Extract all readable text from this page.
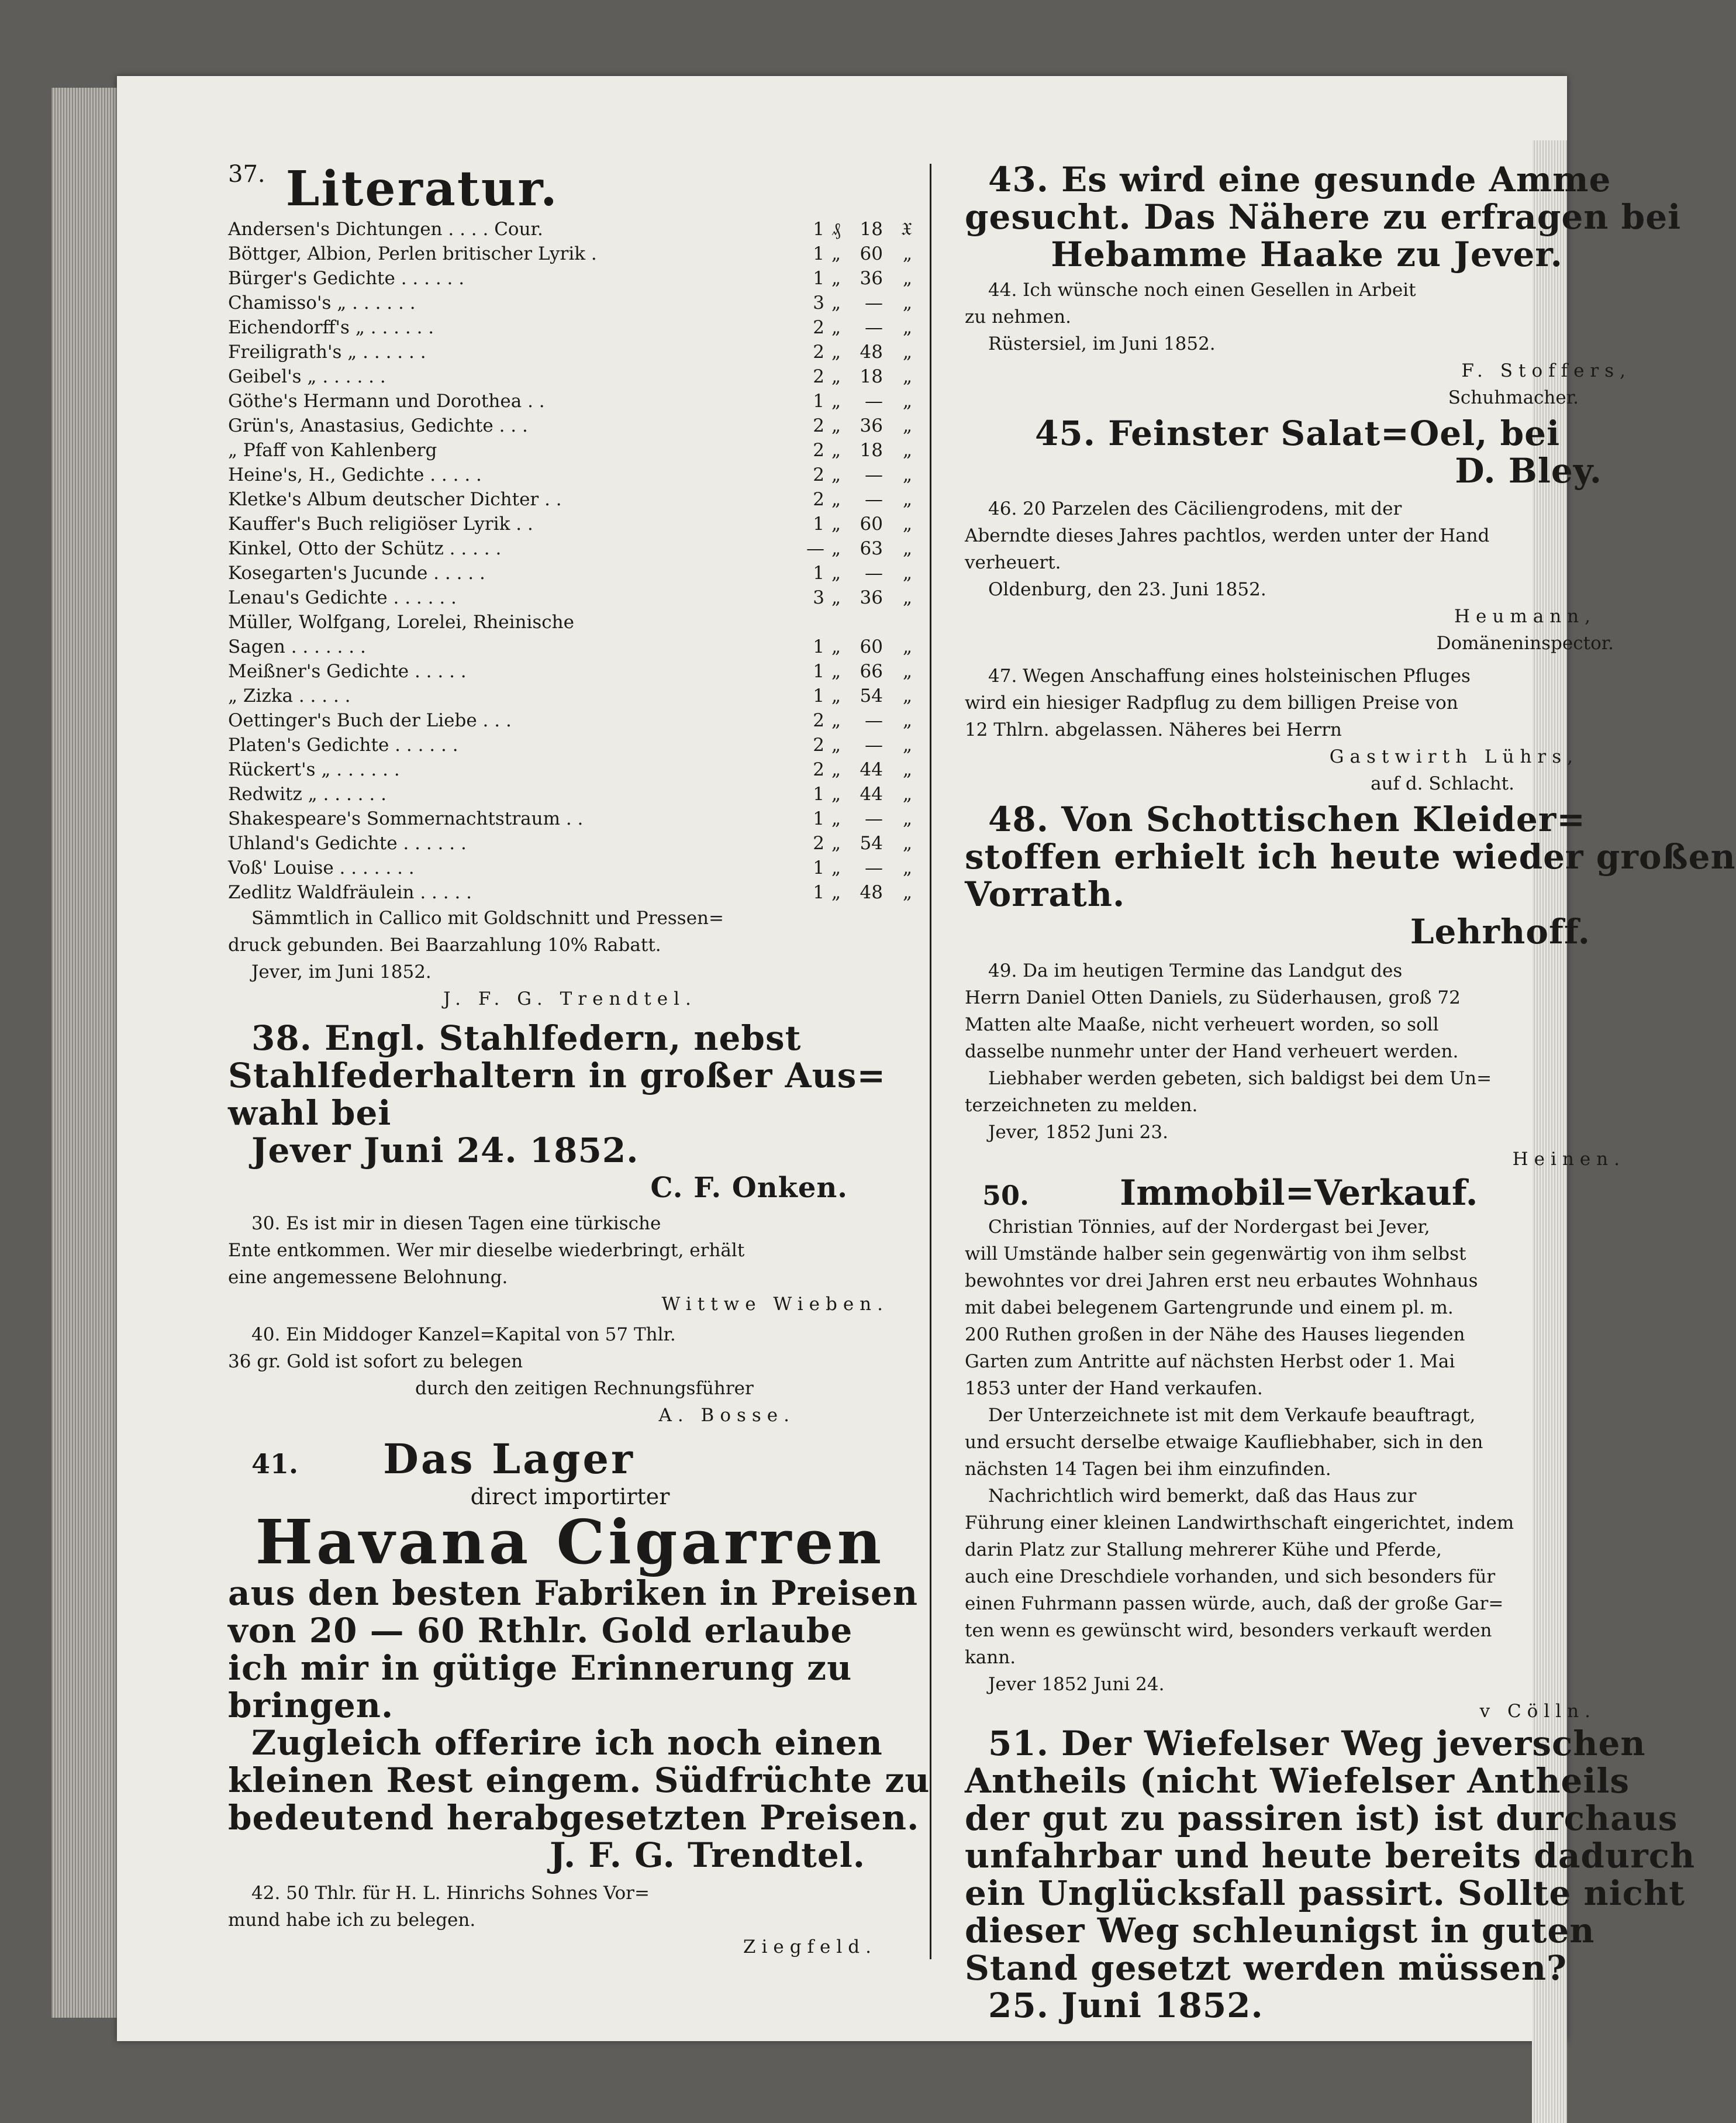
37. Literatur.
Andersen's Dichtungen . . . . Cour.	1 ₰	18 𝔛
Böttger, Albion, Perlen britischer Lyrik .	1 „	60	„
Bürger's Gedichte . . . . . .	1 „	36	„
Chamisso's „ . . . . . .	3 „	—	„
Eichendorff's „ . . . . . .	2 „	—	„
Freiligrath's „ . . . . . .	2 „	48	„
Geibel's „ . . . . . .	2 „	18	„
Göthe's Hermann und Dorothea . .	1 „	—	„
Grün's, Anastasius, Gedichte . . .	2 „	36	„
„ Pfaff von Kahlenberg	2 „	18	„
Heine's, H., Gedichte . . . . .	2 „	—	„
Kletke's Album deutscher Dichter . .	2 „	—	„
Kauffer's Buch religiöser Lyrik . .	1 „	60	„
Kinkel, Otto der Schütz . . . . .	— „	63	„
Kosegarten's Jucunde . . . . .	1 „	—	„
Lenau's Gedichte . . . . . .	3 „	36	„
Müller, Wolfgang, Lorelei, Rheinische
Sagen . . . . . . .	1 „	60	„
Meißner's Gedichte . . . . .	1 „	66	„
„ Zizka . . . . .	1 „	54	„
Oettinger's Buch der Liebe . . .	2 „	—	„
Platen's Gedichte . . . . . .	2 „	—	„
Rückert's „ . . . . . .	2 „	44	„
Redwitz „ . . . . . .	1 „	44	„
Shakespeare's Sommernachtstraum . .	1 „	—	„
Uhland's Gedichte . . . . . .	2 „	54	„
Voß' Louise . . . . . . .	1 „	—	„
Zedlitz Waldfräulein . . . . .	1 „	48	„
Sämmtlich in Callico mit Goldschnitt und Pressen=
druck gebunden. Bei Baarzahlung 10% Rabatt.
Jever, im Juni 1852.
J. F. G. Trendtel.
38. Engl. Stahlfedern, nebst
Stahlfederhaltern in großer Aus=
wahl bei
Jever Juni 24. 1852.
C. F. Onken.
30. Es ist mir in diesen Tagen eine türkische
Ente entkommen. Wer mir dieselbe wiederbringt, erhält
eine angemessene Belohnung.
Wittwe Wieben.
40. Ein Middoger Kanzel=Kapital von 57 Thlr.
36 gr. Gold ist sofort zu belegen
durch den zeitigen Rechnungsführer
A. Bosse.
41. Das Lager
direct importirter
Havana Cigarren
aus den besten Fabriken in Preisen
von 20 — 60 Rthlr. Gold erlaube
ich mir in gütige Erinnerung zu
bringen.
Zugleich offerire ich noch einen
kleinen Rest eingem. Südfrüchte zu
bedeutend herabgesetzten Preisen.
J. F. G. Trendtel.
42. 50 Thlr. für H. L. Hinrichs Sohnes Vor=
mund habe ich zu belegen.
Ziegfeld.
43. Es wird eine gesunde Amme
gesucht. Das Nähere zu erfragen bei
Hebamme Haake zu Jever.
44. Ich wünsche noch einen Gesellen in Arbeit
zu nehmen.
Rüstersiel, im Juni 1852.
F. Stoffers,
Schuhmacher.
45. Feinster Salat=Oel, bei
D. Bley.
46. 20 Parzelen des Cäciliengrodens, mit der
Aberndte dieses Jahres pachtlos, werden unter der Hand
verheuert.
Oldenburg, den 23. Juni 1852.
Heumann,
Domäneninspector.
47. Wegen Anschaffung eines holsteinischen Pfluges
wird ein hiesiger Radpflug zu dem billigen Preise von
12 Thlrn. abgelassen. Näheres bei Herrn
Gastwirth Lührs,
auf d. Schlacht.
48. Von Schottischen Kleider=
stoffen erhielt ich heute wieder großen
Vorrath.
Lehrhoff.
49. Da im heutigen Termine das Landgut des
Herrn Daniel Otten Daniels, zu Süderhausen, groß 72
Matten alte Maaße, nicht verheuert worden, so soll
dasselbe nunmehr unter der Hand verheuert werden.
Liebhaber werden gebeten, sich baldigst bei dem Un=
terzeichneten zu melden.
Jever, 1852 Juni 23.
Heinen.
50.	Immobil=Verkauf.
Christian Tönnies, auf der Nordergast bei Jever,
will Umstände halber sein gegenwärtig von ihm selbst
bewohntes vor drei Jahren erst neu erbautes Wohnhaus
mit dabei belegenem Gartengrunde und einem pl. m.
200 Ruthen großen in der Nähe des Hauses liegenden
Garten zum Antritte auf nächsten Herbst oder 1. Mai
1853 unter der Hand verkaufen.
Der Unterzeichnete ist mit dem Verkaufe beauftragt,
und ersucht derselbe etwaige Kaufliebhaber, sich in den
nächsten 14 Tagen bei ihm einzufinden.
Nachrichtlich wird bemerkt, daß das Haus zur
Führung einer kleinen Landwirthschaft eingerichtet, indem
darin Platz zur Stallung mehrerer Kühe und Pferde,
auch eine Dreschdiele vorhanden, und sich besonders für
einen Fuhrmann passen würde, auch, daß der große Gar=
ten wenn es gewünscht wird, besonders verkauft werden
kann.
Jever 1852 Juni 24.
v Cölln.
51. Der Wiefelser Weg jeverschen
Antheils (nicht Wiefelser Antheils
der gut zu passiren ist) ist durchaus
unfahrbar und heute bereits dadurch
ein Unglücksfall passirt. Sollte nicht
dieser Weg schleunigst in guten
Stand gesetzt werden müssen?
25. Juni 1852.
